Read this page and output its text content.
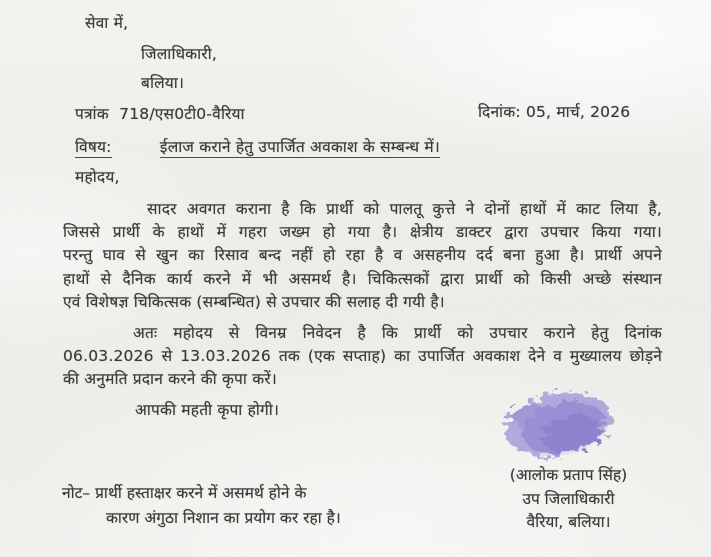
सेवा में,
जिलाधिकारी,
बलिया।
पत्रांक 718/एस0टी0-वैरिया	दिनांक: 05, मार्च, 2026
विषय:	ईलाज कराने हेतु उपार्जित अवकाश के सम्बन्ध में।
महोदय,
सादर अवगत कराना है कि प्रार्थी को पालतू कुत्ते ने दोनों हाथों में काट लिया है,
जिससे प्रार्थी के हाथों में गहरा जख्म हो गया है। क्षेत्रीय डाक्टर द्वारा उपचार किया गया।
परन्तु घाव से खुन का रिसाव बन्द नहीं हो रहा है व असहनीय दर्द बना हुआ है। प्रार्थी अपने
हाथों से दैनिक कार्य करने में भी असमर्थ है। चिकित्सकों द्वारा प्रार्थी को किसी अच्छे संस्थान
एवं विशेषज्ञ चिकित्सक (सम्बन्धित) से उपचार की सलाह दी गयी है।
अतः महोदय से विनम्र निवेदन है कि प्रार्थी को उपचार कराने हेतु दिनांक
06.03.2026 से 13.03.2026 तक (एक सप्ताह) का उपार्जित अवकाश देने व मुख्यालय छोड़ने
की अनुमति प्रदान करने की कृपा करें।
आपकी महती कृपा होगी।
(आलोक प्रताप सिंह)
उप जिलाधिकारी
वैरिया, बलिया।
नोट– प्रार्थी हस्ताक्षर करने में असमर्थ होने के
कारण अंगुठा निशान का प्रयोग कर रहा है।
